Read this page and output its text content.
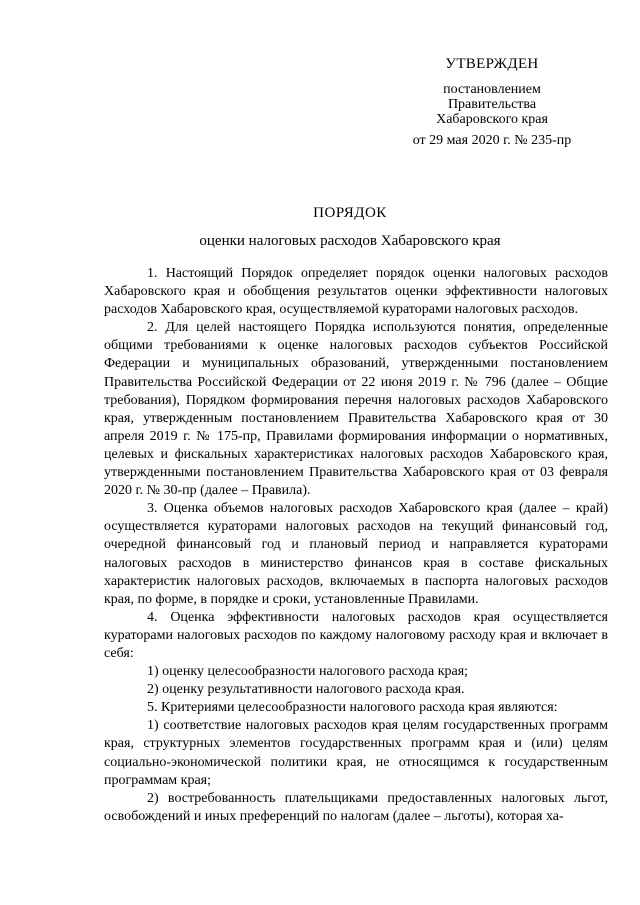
УТВЕРЖДЕН
постановлением
Правительства
Хабаровского края
от 29 мая 2020 г. № 235-пр
ПОРЯДОК
оценки налоговых расходов Хабаровского края

1. Настоящий Порядок определяет порядок оценки налоговых расходов Хабаровского края и обобщения результатов оценки эффективности налоговых расходов Хабаровского края, осуществляемой кураторами налоговых расходов.

2. Для целей настоящего Порядка используются понятия, определенные общими требованиями к оценке налоговых расходов субъектов Российской Федерации и муниципальных образований, утвержденными постановлением Правительства Российской Федерации от 22 июня 2019 г. № 796 (далее – Общие требования), Порядком формирования перечня налоговых расходов Хабаровского края, утвержденным постановлением Правительства Хабаровского края от 30 апреля 2019 г. № 175-пр, Правилами формирования информации о нормативных, целевых и фискальных характеристиках налоговых расходов Хабаровского края, утвержденными постановлением Правительства Хабаровского края от 03 февраля 2020 г. № 30-пр (далее – Правила).

3. Оценка объемов налоговых расходов Хабаровского края (далее – край) осуществляется кураторами налоговых расходов на текущий финансовый год, очередной финансовый год и плановый период и направляется кураторами налоговых расходов в министерство финансов края в составе фискальных характеристик налоговых расходов, включаемых в паспорта налоговых расходов края, по форме, в порядке и сроки, установленные Правилами.

4. Оценка эффективности налоговых расходов края осуществляется кураторами налоговых расходов по каждому налоговому расходу края и включает в себя:

1) оценку целесообразности налогового расхода края;

2) оценку результативности налогового расхода края.

5. Критериями целесообразности налогового расхода края являются:

1) соответствие налоговых расходов края целям государственных программ края, структурных элементов государственных программ края и (или) целям социально-экономической политики края, не относящимся к государственным программам края;

2) востребованность плательщиками предоставленных налоговых льгот, освобождений и иных преференций по налогам (далее – льготы), которая ха-
